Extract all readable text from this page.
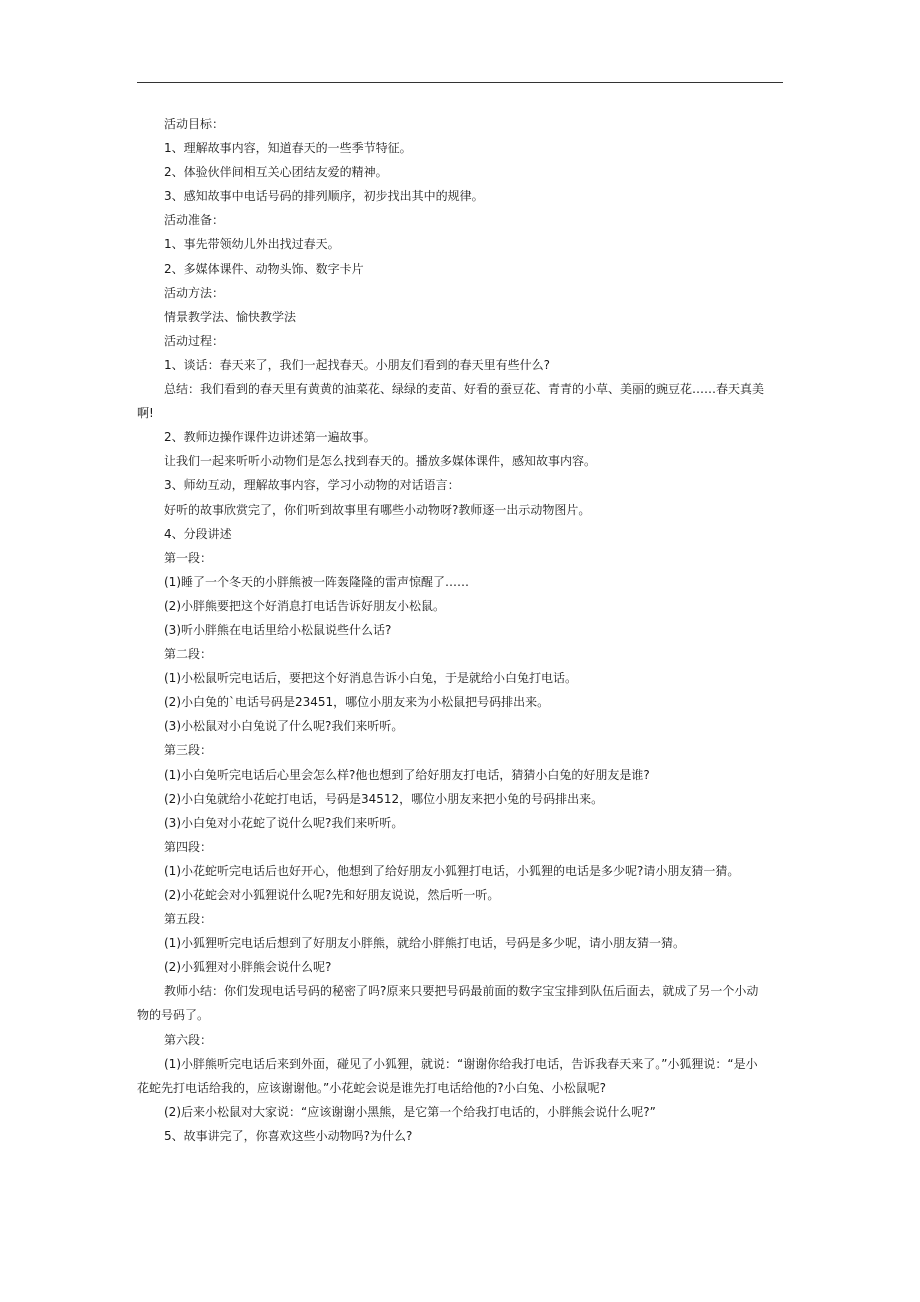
活动目标：

1、理解故事内容，知道春天的一些季节特征。

2、体验伙伴间相互关心团结友爱的精神。

3、感知故事中电话号码的排列顺序，初步找出其中的规律。

活动准备：

1、事先带领幼儿外出找过春天。

2、多媒体课件、动物头饰、数字卡片

活动方法：

情景教学法、愉快教学法

活动过程：

1、谈话：春天来了，我们一起找春天。小朋友们看到的春天里有些什么?

总结：我们看到的春天里有黄黄的油菜花、绿绿的麦苗、好看的蚕豆花、青青的小草、美丽的豌豆花……春天真美

啊!

2、教师边操作课件边讲述第一遍故事。

让我们一起来听听小动物们是怎么找到春天的。播放多媒体课件，感知故事内容。

3、师幼互动，理解故事内容，学习小动物的对话语言：

好听的故事欣赏完了，你们听到故事里有哪些小动物呀?教师逐一出示动物图片。

4、分段讲述

第一段：

(1)睡了一个冬天的小胖熊被一阵轰隆隆的雷声惊醒了……

(2)小胖熊要把这个好消息打电话告诉好朋友小松鼠。

(3)听小胖熊在电话里给小松鼠说些什么话?

第二段：

(1)小松鼠听完电话后，要把这个好消息告诉小白兔，于是就给小白兔打电话。

(2)小白兔的`电话号码是23451，哪位小朋友来为小松鼠把号码排出来。

(3)小松鼠对小白兔说了什么呢?我们来听听。

第三段：

(1)小白兔听完电话后心里会怎么样?他也想到了给好朋友打电话，猜猜小白兔的好朋友是谁?

(2)小白兔就给小花蛇打电话，号码是34512，哪位小朋友来把小兔的号码排出来。

(3)小白兔对小花蛇了说什么呢?我们来听听。

第四段：

(1)小花蛇听完电话后也好开心，他想到了给好朋友小狐狸打电话，小狐狸的电话是多少呢?请小朋友猜一猜。

(2)小花蛇会对小狐狸说什么呢?先和好朋友说说，然后听一听。

第五段：

(1)小狐狸听完电话后想到了好朋友小胖熊，就给小胖熊打电话，号码是多少呢，请小朋友猜一猜。

(2)小狐狸对小胖熊会说什么呢?

教师小结：你们发现电话号码的秘密了吗?原来只要把号码最前面的数字宝宝排到队伍后面去，就成了另一个小动

物的号码了。

第六段：

(1)小胖熊听完电话后来到外面，碰见了小狐狸，就说：“谢谢你给我打电话，告诉我春天来了。”小狐狸说：“是小

花蛇先打电话给我的，应该谢谢他。”小花蛇会说是谁先打电话给他的?小白兔、小松鼠呢?

(2)后来小松鼠对大家说：“应该谢谢小黑熊，是它第一个给我打电话的，小胖熊会说什么呢?”

5、故事讲完了，你喜欢这些小动物吗?为什么?
